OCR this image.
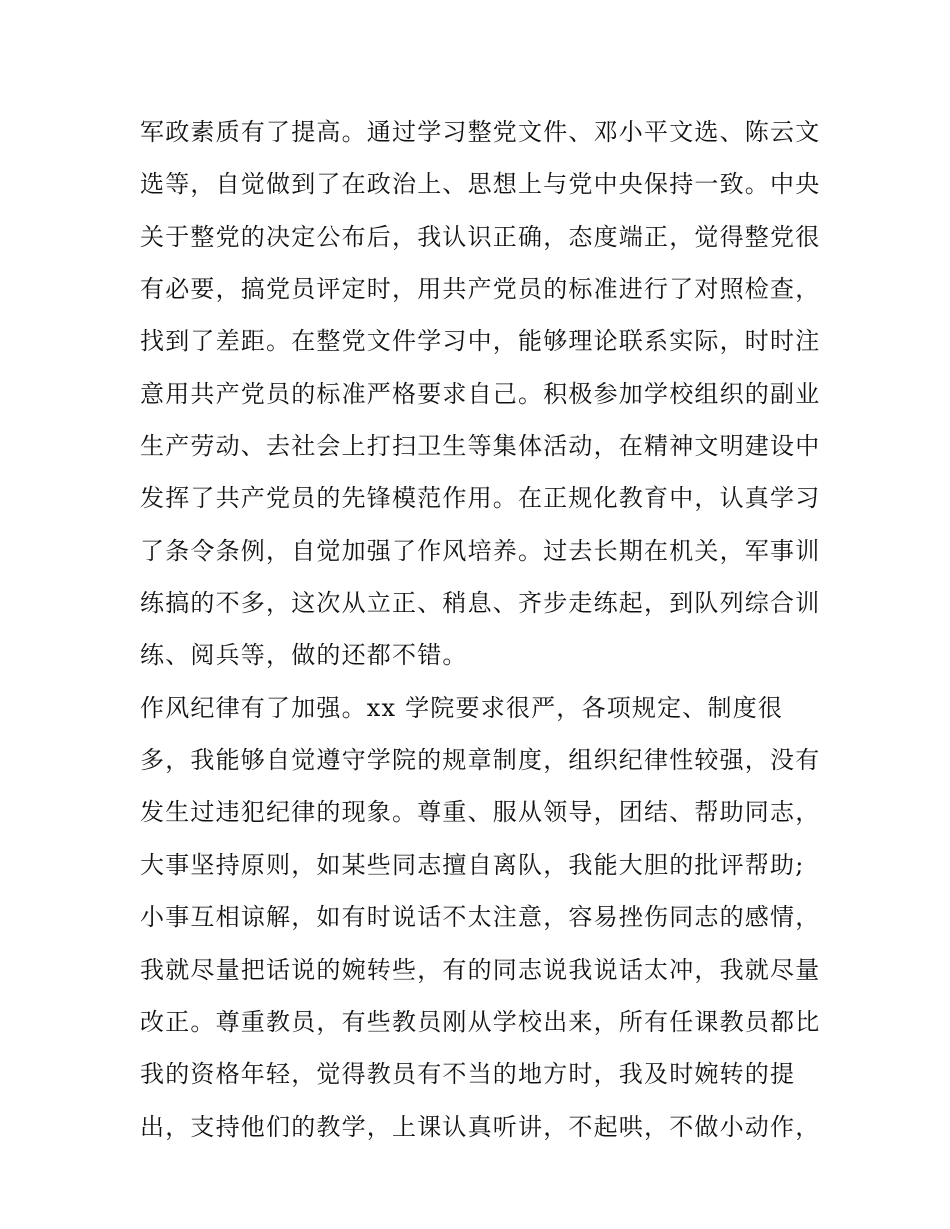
军政素质有了提高。通过学习整党文件、邓小平文选、陈云文
选等，自觉做到了在政治上、思想上与党中央保持一致。中央
关于整党的决定公布后，我认识正确，态度端正，觉得整党很
有必要，搞党员评定时，用共产党员的标准进行了对照检查，
找到了差距。在整党文件学习中，能够理论联系实际，时时注
意用共产党员的标准严格要求自己。积极参加学校组织的副业
生产劳动、去社会上打扫卫生等集体活动，在精神文明建设中
发挥了共产党员的先锋模范作用。在正规化教育中，认真学习
了条令条例，自觉加强了作风培养。过去长期在机关，军事训
练搞的不多，这次从立正、稍息、齐步走练起，到队列综合训
练、阅兵等，做的还都不错。
作风纪律有了加强。xx 学院要求很严，各项规定、制度很
多，我能够自觉遵守学院的规章制度，组织纪律性较强，没有
发生过违犯纪律的现象。尊重、服从领导，团结、帮助同志，
大事坚持原则，如某些同志擅自离队，我能大胆的批评帮助;
小事互相谅解，如有时说话不太注意，容易挫伤同志的感情，
我就尽量把话说的婉转些，有的同志说我说话太冲，我就尽量
改正。尊重教员，有些教员刚从学校出来，所有任课教员都比
我的资格年轻，觉得教员有不当的地方时，我及时婉转的提
出，支持他们的教学，上课认真听讲，不起哄，不做小动作，
